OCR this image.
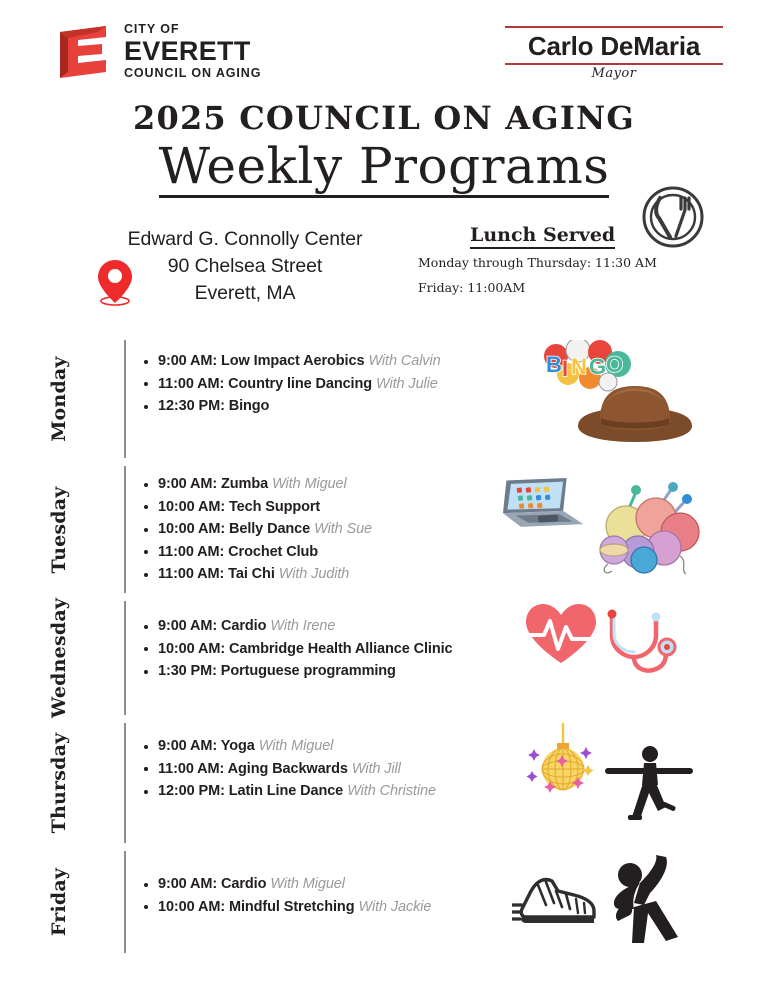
CITY OF
EVERETT
COUNCIL ON AGING
Carlo DeMaria
Mayor
2025 COUNCIL ON AGING
Weekly Programs
Edward G. Connolly Center
90 Chelsea Street
Everett, MA
Lunch Served
Monday through Thursday: 11:30 AM
Friday: 11:00AM
Monday	9:00 AM: Low Impact Aerobics With Calvin
11:00 AM: Country line Dancing With Julie
12:30 PM: Bingo
B I N G O
Tuesday
9:00 AM: Zumba With Miguel
10:00 AM: Tech Support
10:00 AM: Belly Dance With Sue
11:00 AM: Crochet Club
11:00 AM: Tai Chi With Judith
Wednesday	9:00 AM: Cardio With Irene
10:00 AM: Cambridge Health Alliance Clinic
1:30 PM: Portuguese programming
Thursday	9:00 AM: Yoga With Miguel
11:00 AM: Aging Backwards With Jill
12:00 PM: Latin Line Dance With Christine
Friday	9:00 AM: Cardio With Miguel
10:00 AM: Mindful Stretching With Jackie
